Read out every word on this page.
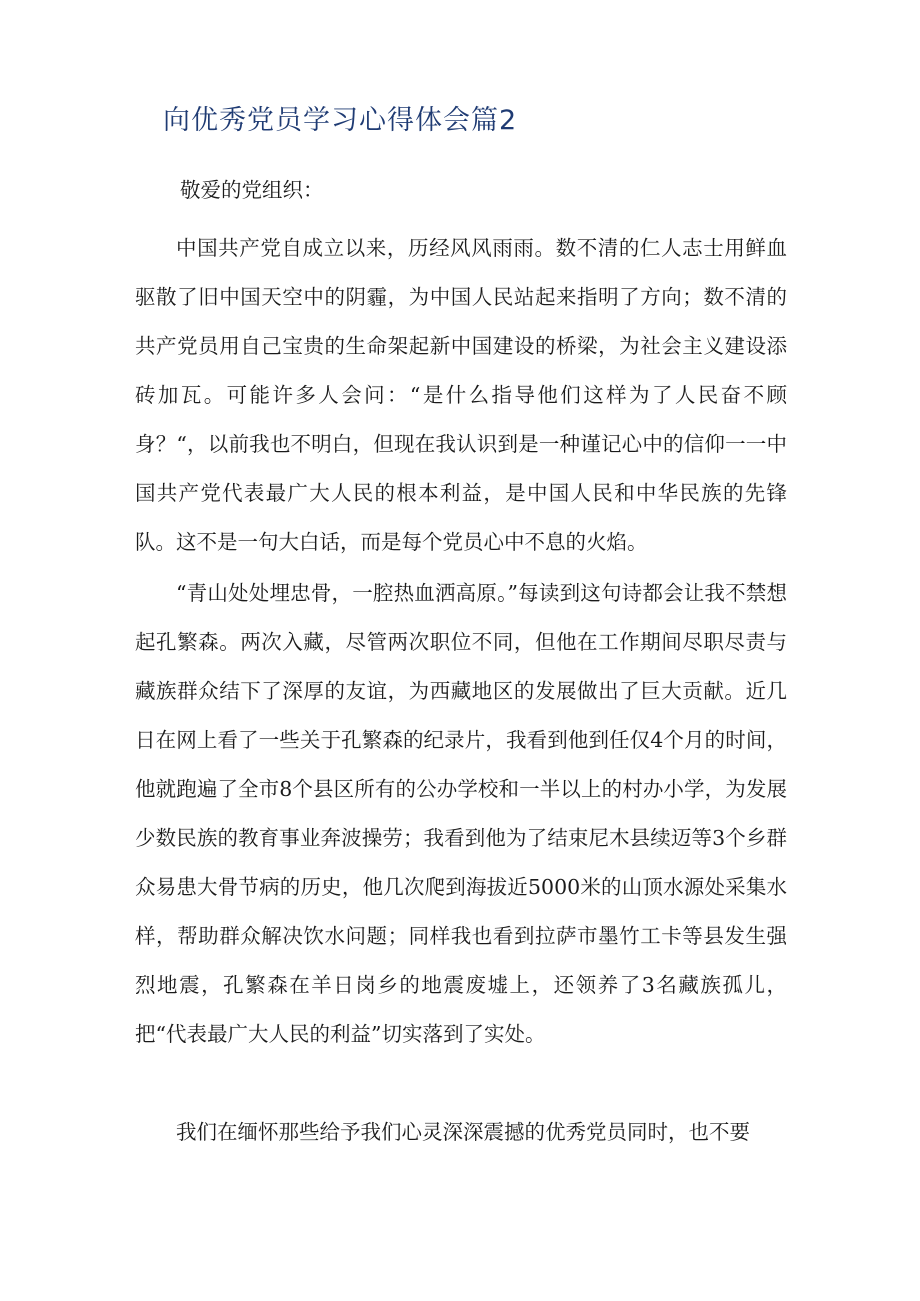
向优秀党员学习心得体会篇2
敬爱的党组织：

中国共产党自成立以来，历经风风雨雨。数不清的仁人志士用鲜血驱散了旧中国天空中的阴霾，为中国人民站起来指明了方向；数不清的共产党员用自己宝贵的生命架起新中国建设的桥梁，为社会主义建设添砖加瓦。可能许多人会问：“是什么指导他们这样为了人民奋不顾身？“，以前我也不明白，但现在我认识到是一种谨记心中的信仰一一中国共产党代表最广大人民的根本利益，是中国人民和中华民族的先锋队。这不是一句大白话，而是每个党员心中不息的火焰。

“青山处处埋忠骨，一腔热血洒高原。”每读到这句诗都会让我不禁想起孔繁森。两次入藏，尽管两次职位不同，但他在工作期间尽职尽责与藏族群众结下了深厚的友谊，为西藏地区的发展做出了巨大贡献。近几日在网上看了一些关于孔繁森的纪录片，我看到他到任仅4个月的时间，他就跑遍了全市8个县区所有的公办学校和一半以上的村办小学，为发展少数民族的教育事业奔波操劳；我看到他为了结束尼木县续迈等3个乡群众易患大骨节病的历史，他几次爬到海拔近5000米的山顶水源处采集水样，帮助群众解决饮水问题；同样我也看到拉萨市墨竹工卡等县发生强烈地震，孔繁森在羊日岗乡的地震废墟上，还领养了3名藏族孤儿，把“代表最广大人民的利益”切实落到了实处。

我们在缅怀那些给予我们心灵深深震撼的优秀党员同时，也不要
